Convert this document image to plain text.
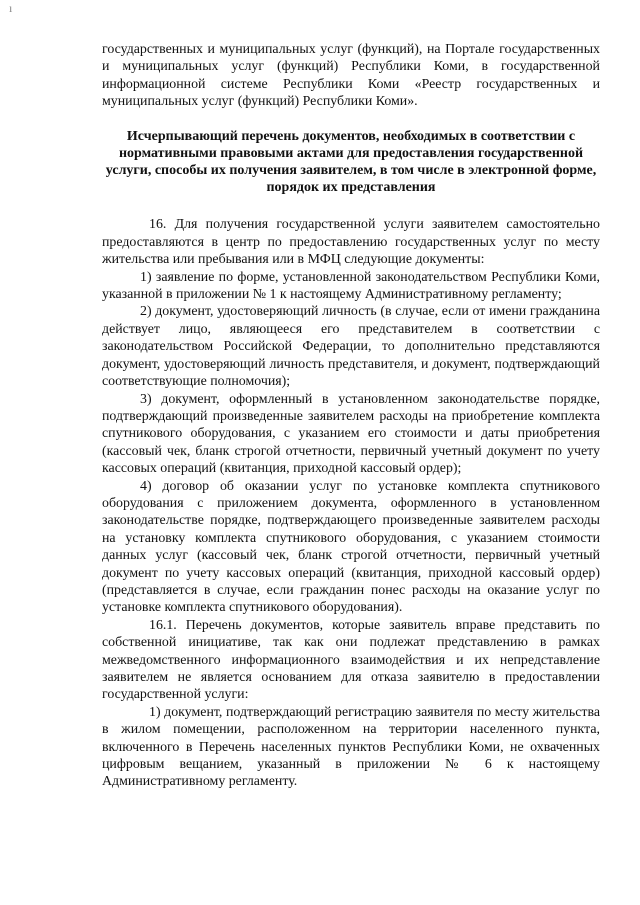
ı

государственных и муниципальных услуг (функций), на Портале государственных и муниципальных услуг (функций) Республики Коми, в государственной информационной системе Республики Коми «Реестр государственных и муниципальных услуг (функций) Республики Коми».

Исчерпывающий перечень документов, необходимых в соответствии с нормативными правовыми актами для предоставления государственной услуги, способы их получения заявителем, в том числе в электронной форме, порядок их представления

16. Для получения государственной услуги заявителем самостоятельно предоставляются в центр по предоставлению государственных услуг по месту жительства или пребывания или в МФЦ следующие документы:

1) заявление по форме, установленной законодательством Республики Коми, указанной в приложении № 1 к настоящему Административному регламенту;

2) документ, удостоверяющий личность (в случае, если от имени гражданина действует лицо, являющееся его представителем в соответствии с законодательством Российской Федерации, то дополнительно представляются документ, удостоверяющий личность представителя, и документ, подтверждающий соответствующие полномочия);

3) документ, оформленный в установленном законодательстве порядке, подтверждающий произведенные заявителем расходы на приобретение комплекта спутникового оборудования, с указанием его стоимости и даты приобретения (кассовый чек, бланк строгой отчетности, первичный учетный документ по учету кассовых операций (квитанция, приходной кассовый ордер);

4) договор об оказании услуг по установке комплекта спутникового оборудования с приложением документа, оформленного в установленном законодательстве порядке, подтверждающего произведенные заявителем расходы на установку комплекта спутникового оборудования, с указанием стоимости данных услуг (кассовый чек, бланк строгой отчетности, первичный учетный документ по учету кассовых операций (квитанция, приходной кассовый ордер) (представляется в случае, если гражданин понес расходы на оказание услуг по установке комплекта спутникового оборудования).

16.1. Перечень документов, которые заявитель вправе представить по собственной инициативе, так как они подлежат представлению в рамках межведомственного информационного взаимодействия и их непредставление заявителем не является основанием для отказа заявителю в предоставлении государственной услуги:

1) документ, подтверждающий регистрацию заявителя по месту жительства в жилом помещении, расположенном на территории населенного пункта, включенного в Перечень населенных пунктов Республики Коми, не охваченных цифровым вещанием, указанный в приложении № 6 к настоящему Административному регламенту.
